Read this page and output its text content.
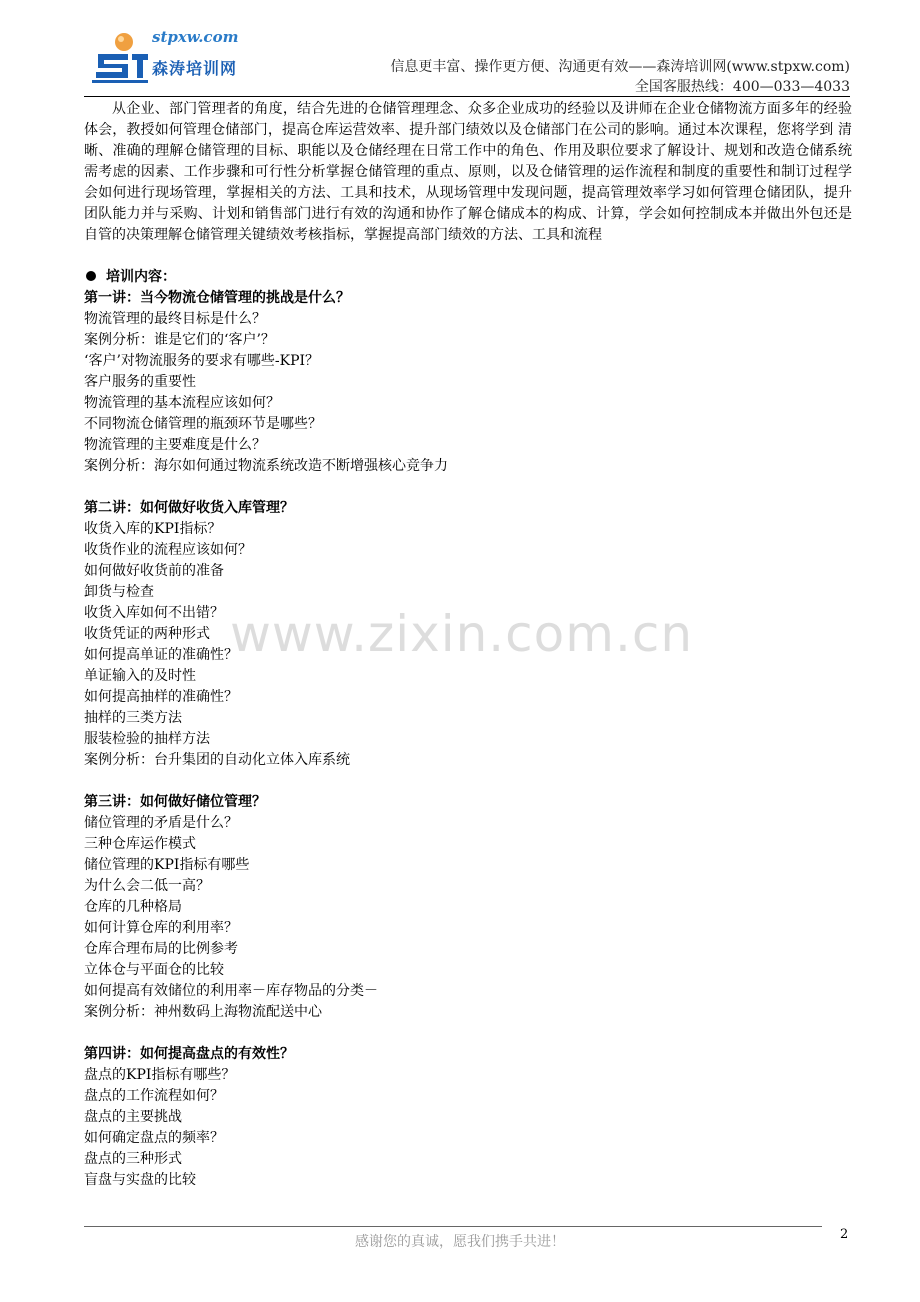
stpxw.com
森涛培训网	信息更丰富、操作更方便、沟通更有效——森涛培训网(www.stpxw.com)
全国客服热线：400—033—4033

从企业、部门管理者的角度，结合先进的仓储管理理念、众多企业成功的经验以及讲师在企业仓储物流方面多年的经验体会，教授如何管理仓储部门，提高仓库运营效率、提升部门绩效以及仓储部门在公司的影响。通过本次课程，您将学到 清晰、准确的理解仓储管理的目标、职能以及仓储经理在日常工作中的角色、作用及职位要求了解设计、规划和改造仓储系统需考虑的因素、工作步骤和可行性分析掌握仓储管理的重点、原则，以及仓储管理的运作流程和制度的重要性和制订过程学会如何进行现场管理，掌握相关的方法、工具和技术，从现场管理中发现问题，提高管理效率学习如何管理仓储团队，提升团队能力并与采购、计划和销售部门进行有效的沟通和协作了解仓储成本的构成、计算，学会如何控制成本并做出外包还是自管的决策理解仓储管理关键绩效考核指标，掌握提高部门绩效的方法、工具和流程

培训内容：
第一讲：当今物流仓储管理的挑战是什么？
物流管理的最终目标是什么？
案例分析：谁是它们的‘客户’？
‘客户’对物流服务的要求有哪些-KPI？
客户服务的重要性
物流管理的基本流程应该如何？
不同物流仓储管理的瓶颈环节是哪些？
物流管理的主要难度是什么？
案例分析：海尔如何通过物流系统改造不断增强核心竞争力
第二讲：如何做好收货入库管理？
收货入库的KPI指标？
收货作业的流程应该如何？
如何做好收货前的准备
卸货与检查
收货入库如何不出错？
收货凭证的两种形式
如何提高单证的准确性？
单证输入的及时性
如何提高抽样的准确性？
抽样的三类方法
服装检验的抽样方法
案例分析：台升集团的自动化立体入库系统
第三讲：如何做好储位管理？
储位管理的矛盾是什么？
三种仓库运作模式
储位管理的KPI指标有哪些
为什么会二低一高？
仓库的几种格局
如何计算仓库的利用率？
仓库合理布局的比例参考
立体仓与平面仓的比较
如何提高有效储位的利用率－库存物品的分类－
案例分析：神州数码上海物流配送中心
第四讲：如何提高盘点的有效性？
盘点的KPI指标有哪些？
盘点的工作流程如何？
盘点的主要挑战
如何确定盘点的频率？
盘点的三种形式
盲盘与实盘的比较
www.zixin.com.cn
感谢您的真诚，愿我们携手共进！	2
